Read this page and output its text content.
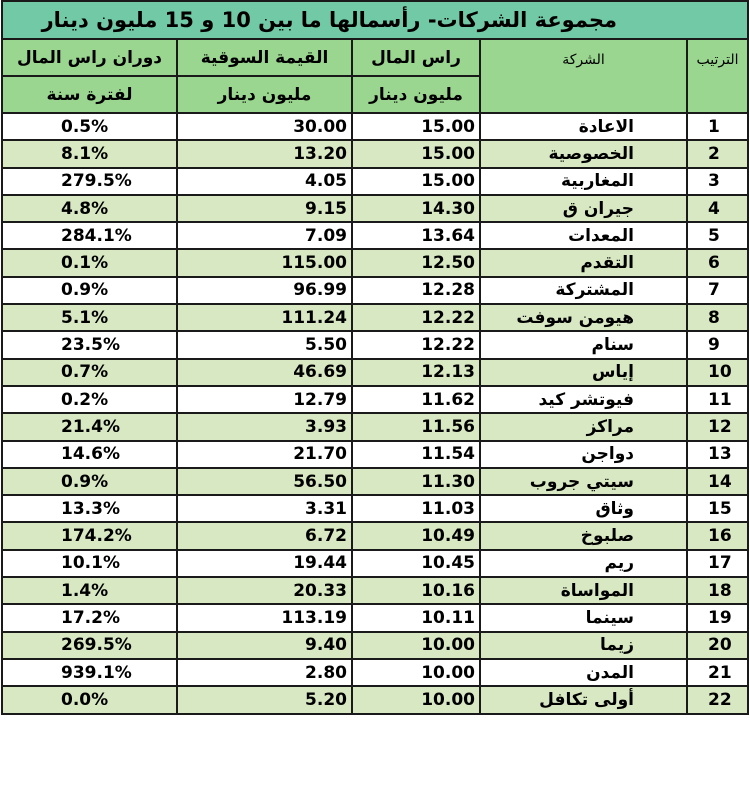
مجموعة الشركات- رأسمالها ما بين 10 و 15 مليون دينار				
دوران راس المال	القيمة السوقية	راس المال	الشركة	الترتيب
لفترة سنة	مليون دينار	مليون دينار		
0.5%	30.00	15.00	الاعادة	1
8.1%	13.20	15.00	الخصوصية	2
279.5%	4.05	15.00	المغاربية	3
4.8%	9.15	14.30	جيران ق	4
284.1%	7.09	13.64	المعدات	5
0.1%	115.00	12.50	التقدم	6
0.9%	96.99	12.28	المشتركة	7
5.1%	111.24	12.22	هيومن سوفت	8
23.5%	5.50	12.22	سنام	9
0.7%	46.69	12.13	إياس	10
0.2%	12.79	11.62	فيوتشر كيد	11
21.4%	3.93	11.56	مراكز	12
14.6%	21.70	11.54	دواجن	13
0.9%	56.50	11.30	سيتي جروب	14
13.3%	3.31	11.03	وثاق	15
174.2%	6.72	10.49	صلبوخ	16
10.1%	19.44	10.45	ريم	17
1.4%	20.33	10.16	المواساة	18
17.2%	113.19	10.11	سينما	19
269.5%	9.40	10.00	زيما	20
939.1%	2.80	10.00	المدن	21
0.0%	5.20	10.00	أولى تكافل	22
